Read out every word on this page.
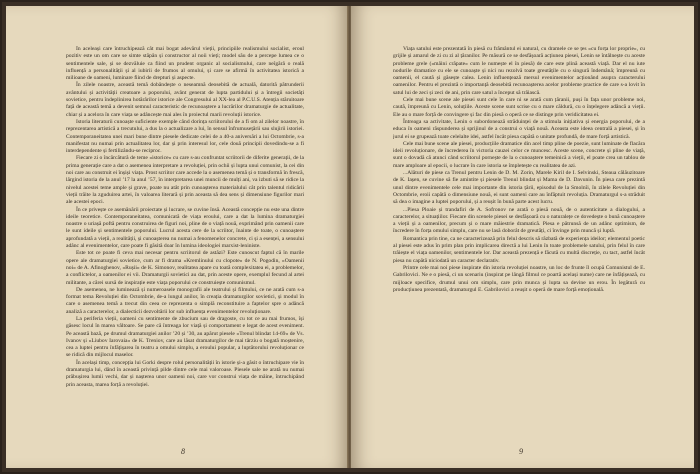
În aceleași care întruchipează cât mai bogat adevărul vieții, principiile realismului socialist, eroul pozitiv este un om care se simte stăpân și constructor al noii vieți; model său de a percepe lumea ce o sentimentele sale, și se dezvăluie ca fiind un prudent organic al socialismului, care neîgărâ o reală influență a personalității și al iubirii de frumos al omului, și care se afirmă în activitatea istorică a milioane de oameni, luminare fiind de drepturi și aspecte.

În zilele noastre, această temă dobândește o neseamnă deosebită de actuală, datorită pătrunderii avântului și activității creatoare a poporului, avânt generat de lupta partidului și a întregii societăți sovietice, pentru îndeplinirea hotărârilor istorice ale Congresului al XX-lea al P.C.U.S. Atenția stăruitoare față de această temă a devenit semnul caracteristic de recunoaștere a lucrărilor dramaturgie de actualitate, chiar și a acelora în care viața se adâncește mai ales în proiectul marii revoluții istorice.

Istoria literaturii cunoaște suficiente exemple când dorința scriitorului de a fi om al zilelor noastre, în reprezentarea artistică a trecutului, a dus la o actualizare a lui, în sensul înfrumusețării sau slujirii istoriei. Contemporaneitatea unei mari bune dintre piesele dedicate celei de a 40-a aniversări a lui Octombrie, s-a manifestat nu numai prin actualitatea lor, dar și prin interesul lor, cele două principii dovedindu-se a fi interdependente și fertilizându-se reciproc.

Fiecare zi o încărcătură de teme «istorice» cu care s-au confruntat scriitorii de diferite generații, de la prima generație care a dat o asemenea interpretare a revoluției, prin ochii și lupta unui comunist, la cei din noi care au construit ei înșiși viața. Prost scriitor care accede la o asemenea temă și o transformă în frescă, lărgind istoria de la anul ’17 la anul ’57, în interpretarea unei muncii de mulți ani, va izbuti să se ridice la nivelul acestei teme ample și grave, poate nu atât prin cunoașterea materialului cât prin talentul ridicării vieții trăite la zguduirea artei, în valoarea literară și prin aceasta să dea sens și dimensiune figurilor mari ale acestei epoci.

În ce privește ce asemănării proiectate și lucrare, se cuvine însă. Această concepție nu este una dintre ideile teoretice. Contemporaneitatea, comunicată de viața eroului, care a dat la lumina dramaturgiei noastre o uriașă poftă pentru construirea de figuri noi, pline de o viață nouă, exprimând prin oamenii care le sunt ideile și sentimentele poporului. Lucrul acesta cere de la scriitor, înainte de toate, o cunoaștere aprofundată a vieții, a realității, și cunoașterea nu numai a fenomenelor concrete, ci și a esenței, a sensului adânc al evenimentelor, care poate fi găsită doar în lumina ideologiei marxist-leniniste.

Este tot ce poate fi ceva mai necesar pentru scriitorul de astăzi? Este cunoscut faptul că în marile opere ale dramaturgiei sovietice, cum ar fi drama «Kremlinului cu clopote» de N. Pogodin, «Oamenii noi» de A. Afinoghenov, «Rușii» de K. Simonov, realitatea apare cu toată complexitatea ei, a problemelor, a conflictelor, a oamenilor ei vii. Dramaturgii sovietici au dat, prin aceste opere, exemplul fecund al artei militante, a cărei sursă de inspirație este viața poporului ce construiește comunismul.

De asemenea, ne luminează și numeroasele monografii ale teatrului și filmului, ce ne arată cum s-a format tema Revoluției din Octombrie, de-a lungul anilor, în creația dramaturgilor sovietici, și modul în care o asemenea temă a trecut din ceea ce reprezenta o simplă reconstituire a faptelor spre o adâncă analiză a caracterelor, a dialecticii dezvoltării lor sub influența evenimentelor revoluționare.

La periferia vieții, oameni cu sentimente de zbucium sau de dragoste, cu tot ce au mai frumos, își găsesc locul în marea vâltoare. Se pare că întreaga lor viață și comportament e legat de acest eveniment. Pe această bază, pe drumul dramaturgiei anilor ’20 și ’30, au apărut piesele «Trenul blindat 14-69» de Vs. Ivanov și «Liubov Iarovaia» de K. Treniov, care au lăsat dramaturgilor de mai târziu o bogată moștenire, cea a luptei pentru înfățișarea în teatru a omului simplu, a eroului popular, a luptătorului revoluționar ce se ridică din mijlocul maselor.

În același timp, concepția lui Gorki despre rolul personalității în istorie și-a găsit o întruchipare vie în dramaturgia lui, dând în această privință pilde dintre cele mai valoroase. Piesele sale ne arată nu numai prăbușirea lumii vechi, dar și nașterea unor oameni noi, care vor construi viața de mâine, întruchipând prin aceasta, marea forță a revoluției.

8

Viața satului este prezentată în piesă cu frământul ei natural, cu dramele ce se țes «cu forța lor proprie», cu grijile și amarul de zi cu zi al țăranilor. Pe măsură ce se desfășoară acțiunea piesei, Lenin se întâlnește cu aceste probleme grele («mâini crăpate» cum le numește el în piesă) de care este plină această viață. Dar el nu iute nodurile dramatice cu ele se cunoaște și nici nu rezolvă toate greutățile cu o singură îndemână; împreună cu oamenii, el caută și găsește calea. Lenin influențează mersul evenimentelor acționând asupra caracterului oamenilor. Pentru el prezintă o importanță deosebită recunoașterea acelor probleme practice de care s-a lovit în satul lui de zeci și zeci de ani, prin care satul a început să trăiască.

Cele mai bune scene ale piesei sunt cele în care ni se arată cum țăranii, puși în fața unor probleme noi, caută, împreună cu Lenin, soluțiile. Aceste scene sunt scrise cu o mare căldură, cu o înțelegere adâncă a vieții. Ele au o mare forță de convingere și fac din piesă o operă ce se distinge prin veridicitatea ei.

Întreaga sa activitate, Lenin o subordonează străduinței de a stimula inițiativa și energia poporului, de a educa în oameni răspunderea și sprijinul de a construi o viață nouă. Aceasta este ideea centrală a piesei, și în jurul ei se grupează toate celelalte idei, astfel încât piesa capătă o unitate profundă, de mare forță artistică.

Cele mai bune scene ale piesei, producțiile dramatice din acel timp pline de poezie, sunt luminate de flacăra ideii revoluționare, de încrederea în victoria cauzei celor ce muncesc. Aceste scene, concrete și pline de viață, sunt o dovadă că atunci când scriitorul pornește de la o cunoaștere temeinică a vieții, el poate crea un tablou de mare amploare al epocii, o lucrare în care istoria se împletește cu realitatea de azi.

...Alături de piese ca Trenul pentru Lenin de D. M. Zorin, Marele Kiril de I. Selvinski, Steaua călăuzitoare de K. Iașen, se cuvine să fie amintite și piesele Trenul blindat și Mama de D. Davunin. În piesa care prezintă unul dintre evenimentele cele mai importante din istoria țării, episodul de la Smolnîi, în zilele Revoluției din Octombrie, eroii capătă o dimensiune nouă, ei sunt oameni care au înfăptuit revoluția. Dramaturgul s-a străduit să dea o imagine a luptei poporului, și a reușit în bună parte acest lucru.

...Piesa Ploaie și trandafiri de A. Sofronov ne arată o piesă nouă, de o autenticitate a dialogului, a caracterelor, a situațiilor. Fiecare din scenele piesei se desfășoară cu o naturalețe ce dovedește o bună cunoaștere a vieții și a oamenilor, precum și o mare măiestrie dramatică. Piesa e pătrunsă de un adânc optimism, de încredere în forța omului simplu, care nu se lasă doborât de greutăți, ci învinge prin muncă și luptă.

Romantica prin tine, ca ne caracterizează prin felul descris să răzbată de experiența ideilor; elementul poetic al piesei este adus în prim plan prin implicarea directă a lui Lenin în toate problemele satului, prin felul în care trăiește el viața oamenilor, sentimentele lor. Dar această prezență e făcută cu multă discreție, cu tact, astfel încât piesa nu capătă niciodată un caracter declarativ.

Printre cele mai noi piese inspirate din istoria revoluției noastre, un loc de frunte îl ocupă Comunistul de E. Gabrilovici. Ne e o piesă, ci un scenariu (inspirat pe lângă filmul ce poartă același nume) care ne înfățișează, cu mijloace specifice, drumul unui om simplu, care prin munca și lupta sa devine un erou. În legătură cu producțiunea prezentată, dramaturgul E. Gabrilovici a reușit o operă de mare forță emoțională.

9
